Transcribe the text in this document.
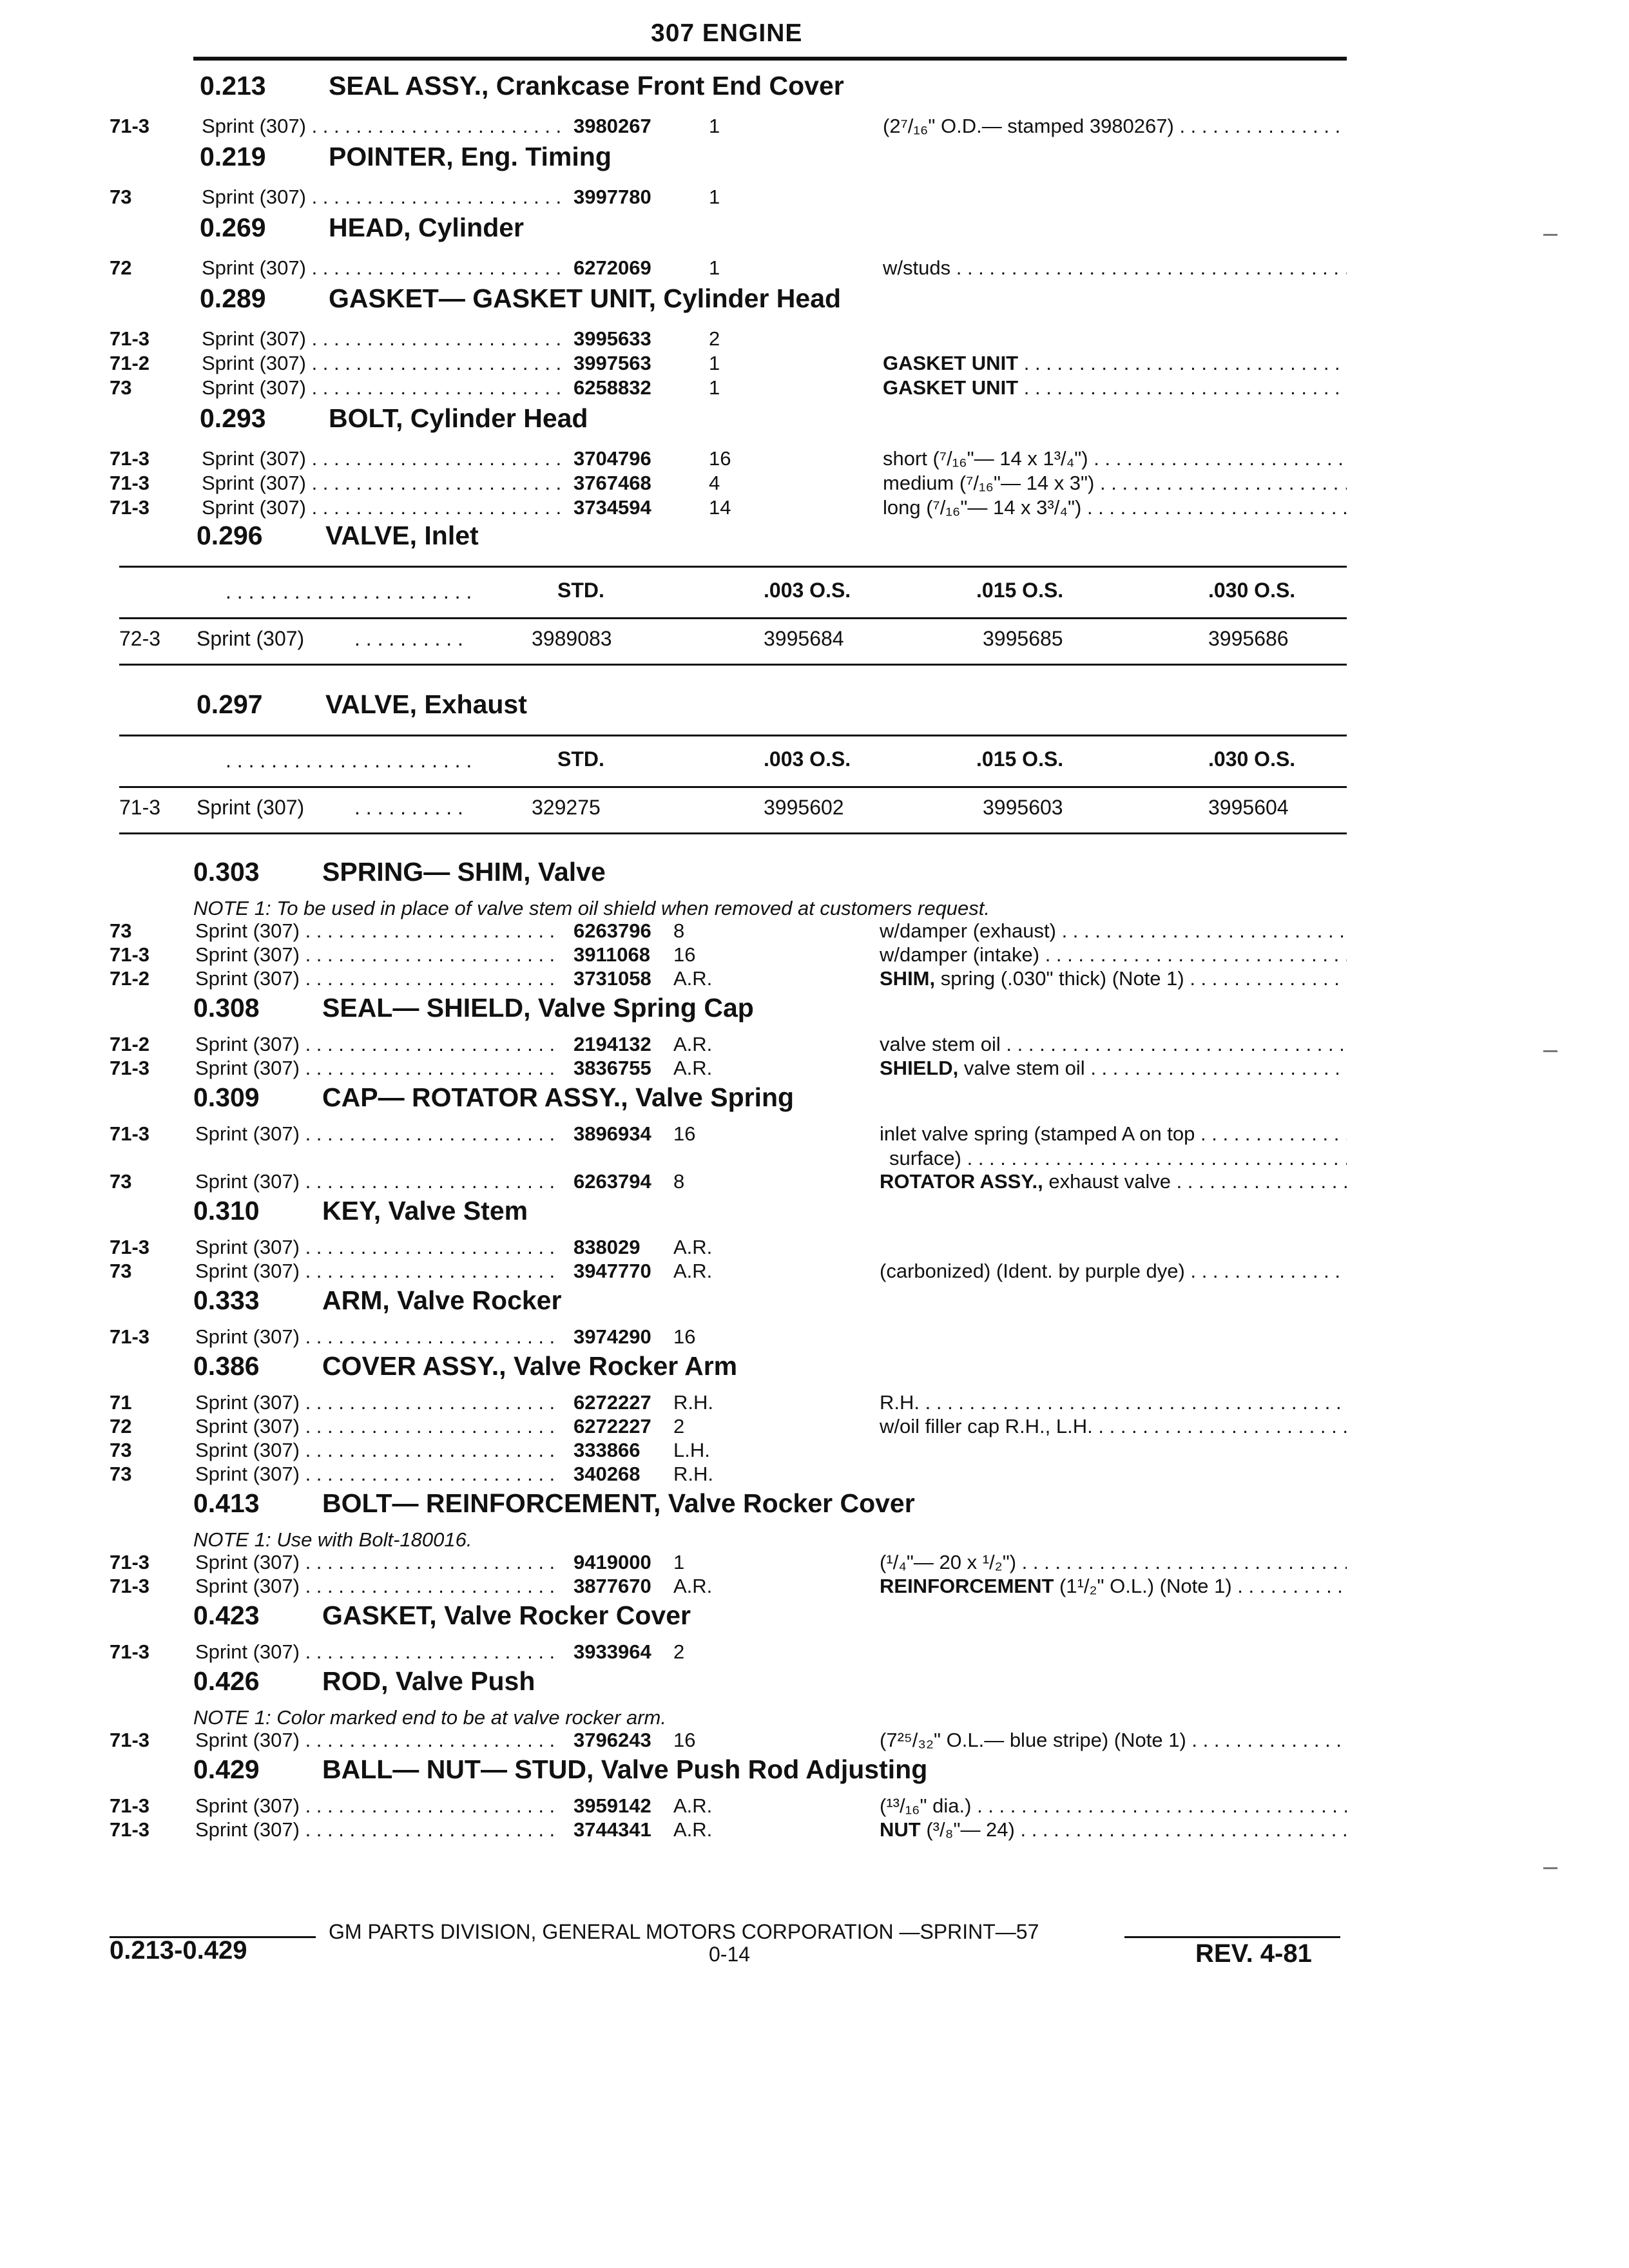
307 ENGINE
0.213 SEAL ASSY., Crankcase Front End Cover
71-3	Sprint (307) . . .	3980267	1	(2⁷/₁₆" O.D.— stamped 3980267) . . .
0.219 POINTER, Eng. Timing
73	Sprint (307) . . .	3997780	1
0.269 HEAD, Cylinder
72	Sprint (307) . . .	6272069	1	w/studs . . .
0.289 GASKET— GASKET UNIT, Cylinder Head
71-3	Sprint (307) . . .	3995633	2
71-2	Sprint (307) . . .	3997563	1	GASKET UNIT . . .
73	Sprint (307) . . .	6258832	1	GASKET UNIT . . .
0.293 BOLT, Cylinder Head
71-3	Sprint (307) . . .	3704796	16	short (⁷/₁₆"— 14 x 1³/₄") . . .
71-3	Sprint (307) . . .	3767468	4	medium (⁷/₁₆"— 14 x 3") . . .
71-3	Sprint (307) . . .	3734594	14	long (⁷/₁₆"— 14 x 3³/₄") . . .
0.296 VALVE, Inlet
. . . . . . . . . . . . . . . . . . . . . .	STD.	.003 O.S.	.015 O.S.	.030 O.S.
72-3 Sprint (307) . . . . . . . . . .	3989083	3995684	3995685	3995686
0.297 VALVE, Exhaust
. . . . . . . . . . . . . . . . . . . . . .	STD.	.003 O.S.	.015 O.S.	.030 O.S.
71-3 Sprint (307) . . . . . . . . . .	329275	3995602	3995603	3995604
0.303 SPRING— SHIM, Valve
NOTE 1: To be used in place of valve stem oil shield when removed at customers request.
73	Sprint (307) . . .	6263796 8	w/damper (exhaust) . . .
71-3 Sprint (307) . . .	3911068 16	w/damper (intake) . . .
71-2 Sprint (307) . . .	3731058 A.R.	SHIM, spring (.030" thick) (Note 1) . . .
0.308 SEAL— SHIELD, Valve Spring Cap
71-2 Sprint (307) . . .	2194132 A.R.	valve stem oil . . .
71-3 Sprint (307) . . .	3836755 A.R.	SHIELD, valve stem oil . . .
0.309 CAP— ROTATOR ASSY., Valve Spring
71-3 Sprint (307) . . .	3896934 16	inlet valve spring (stamped A on top . . .
surface) . . .
73	Sprint (307) . . .	6263794 8	ROTATOR ASSY., exhaust valve . . .
0.310 KEY, Valve Stem
71-3 Sprint (307) . . .	838029 A.R.
73	Sprint (307) . . .	3947770 A.R.	(carbonized) (Ident. by purple dye) . . .
0.333 ARM, Valve Rocker
71-3 Sprint (307) . . .	3974290 16
0.386 COVER ASSY., Valve Rocker Arm
71	Sprint (307) . . .	6272227 R.H.	R.H. . . .
72	Sprint (307) . . .	6272227 2	w/oil filler cap R.H., L.H. . . .
73	Sprint (307) . . .	333866 L.H.
73	Sprint (307) . . .	340268 R.H.
0.413 BOLT— REINFORCEMENT, Valve Rocker Cover
NOTE 1: Use with Bolt-180016.
71-3 Sprint (307) . . .	9419000 1	(¹/₄"— 20 x ¹/₂") . . .
71-3 Sprint (307) . . .	3877670 A.R.	REINFORCEMENT (1¹/₂" O.L.) (Note 1) . . .
0.423 GASKET, Valve Rocker Cover
71-3 Sprint (307) . . .	3933964 2
0.426 ROD, Valve Push
NOTE 1: Color marked end to be at valve rocker arm.
71-3 Sprint (307) . . .	3796243 16	(7²⁵/₃₂" O.L.— blue stripe) (Note 1) . . .
0.429 BALL— NUT— STUD, Valve Push Rod Adjusting
71-3 Sprint (307) . . .	3959142 A.R.	(¹³/₁₆" dia.) . . .
71-3 Sprint (307) . . .	3744341 A.R.	NUT (³/₈"— 24) . . .
GM PARTS DIVISION, GENERAL MOTORS CORPORATION —SPRINT—57
0.213-0.429	0-14	REV. 4-81
